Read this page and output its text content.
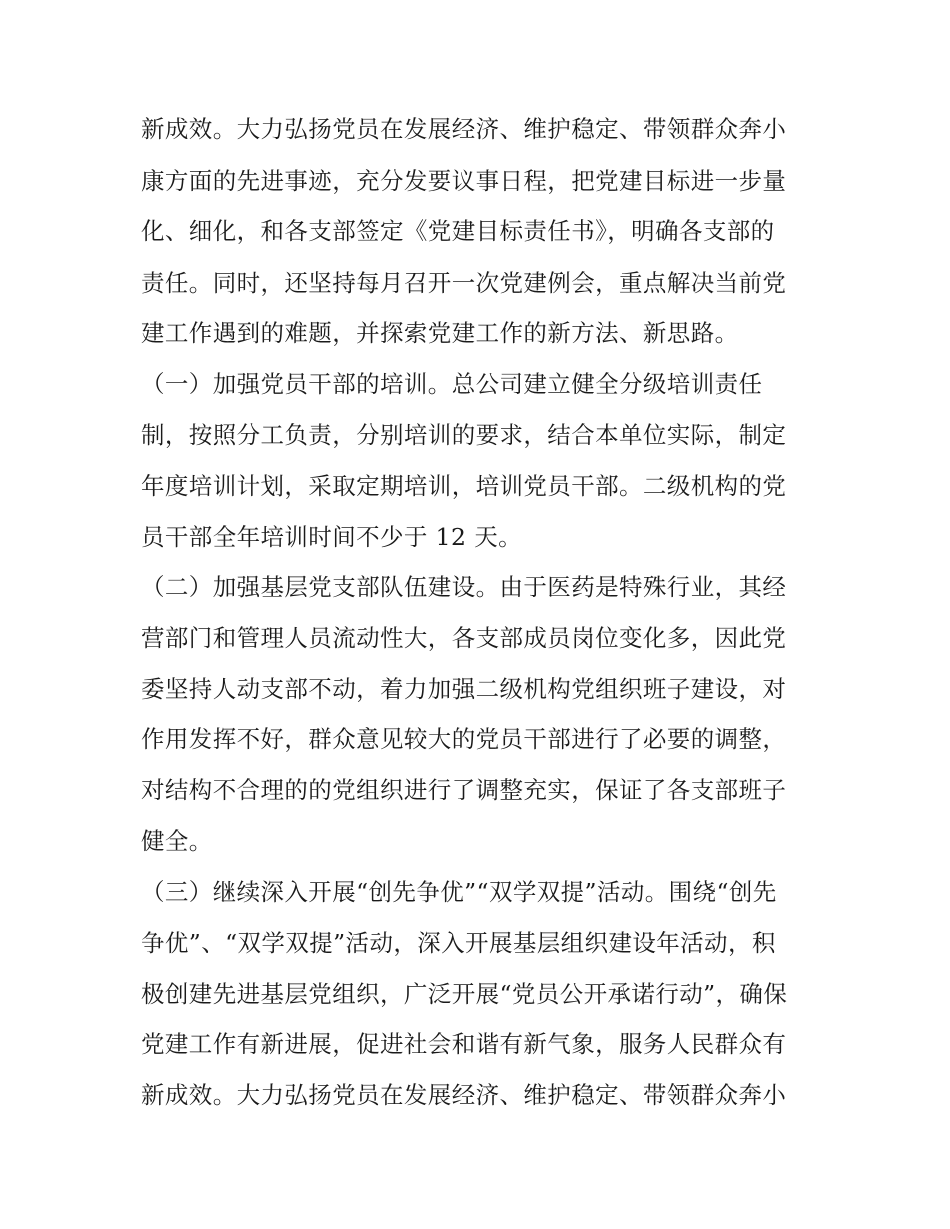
新成效。大力弘扬党员在发展经济、维护稳定、带领群众奔小
康方面的先进事迹，充分发要议事日程，把党建目标进一步量
化、细化，和各支部签定《党建目标责任书》，明确各支部的
责任。同时，还坚持每月召开一次党建例会，重点解决当前党
建工作遇到的难题，并探索党建工作的新方法、新思路。
（一）加强党员干部的培训。总公司建立健全分级培训责任
制，按照分工负责，分别培训的要求，结合本单位实际，制定
年度培训计划，采取定期培训，培训党员干部。二级机构的党
员干部全年培训时间不少于 12 天。
（二）加强基层党支部队伍建设。由于医药是特殊行业，其经
营部门和管理人员流动性大，各支部成员岗位变化多，因此党
委坚持人动支部不动，着力加强二级机构党组织班子建设，对
作用发挥不好，群众意见较大的党员干部进行了必要的调整，
对结构不合理的的党组织进行了调整充实，保证了各支部班子
健全。
（三）继续深入开展“创先争优”“双学双提”活动。围绕“创先
争优”、“双学双提”活动，深入开展基层组织建设年活动，积
极创建先进基层党组织，广泛开展“党员公开承诺行动”，确保
党建工作有新进展，促进社会和谐有新气象，服务人民群众有
新成效。大力弘扬党员在发展经济、维护稳定、带领群众奔小
